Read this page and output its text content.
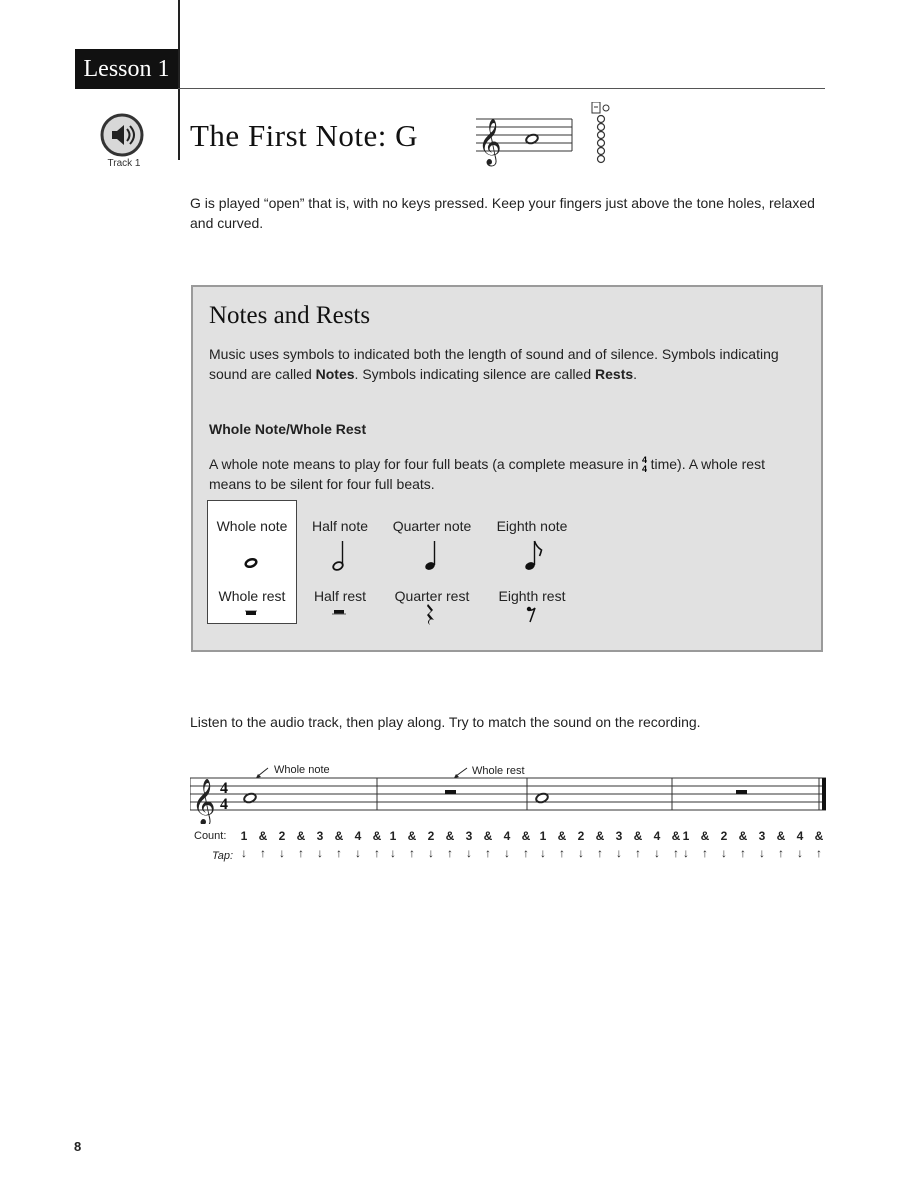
Lesson 1
Track 1
The First Note: G 𝄞

G is played “open” that is, with no keys pressed. Keep your fingers just above the tone holes, relaxed and curved.

Notes and Rests

Music uses symbols to indicated both the length of sound and of silence. Symbols indicating sound are called Notes. Symbols indicating silence are called Rests.

Whole Note/Whole Rest

A whole note means to play for four full beats (a complete measure in 4
4 time). A whole rest means to be silent for four full beats.

Whole note Half note Quarter note Eighth note
Whole rest Half rest Quarter rest Eighth rest

Listen to the audio track, then play along. Try to match the sound on the recording.

𝄞 4
4
Whole note	Whole rest
Count:
Tap:
1
↓
&
↑
2
↓
&
↑
3
↓
&
↑
4
↓
&
↑
1
↓
&
↑
2
↓
&
↑
3
↓
&
↑
4
↓
&
↑
1
↓
&
↑
2
↓
&
↑
3
↓
&
↑
4
↓
&
↑
1
↓
&
↑
2
↓
&
↑
3
↓
&
↑
4
↓
&
↑
8
